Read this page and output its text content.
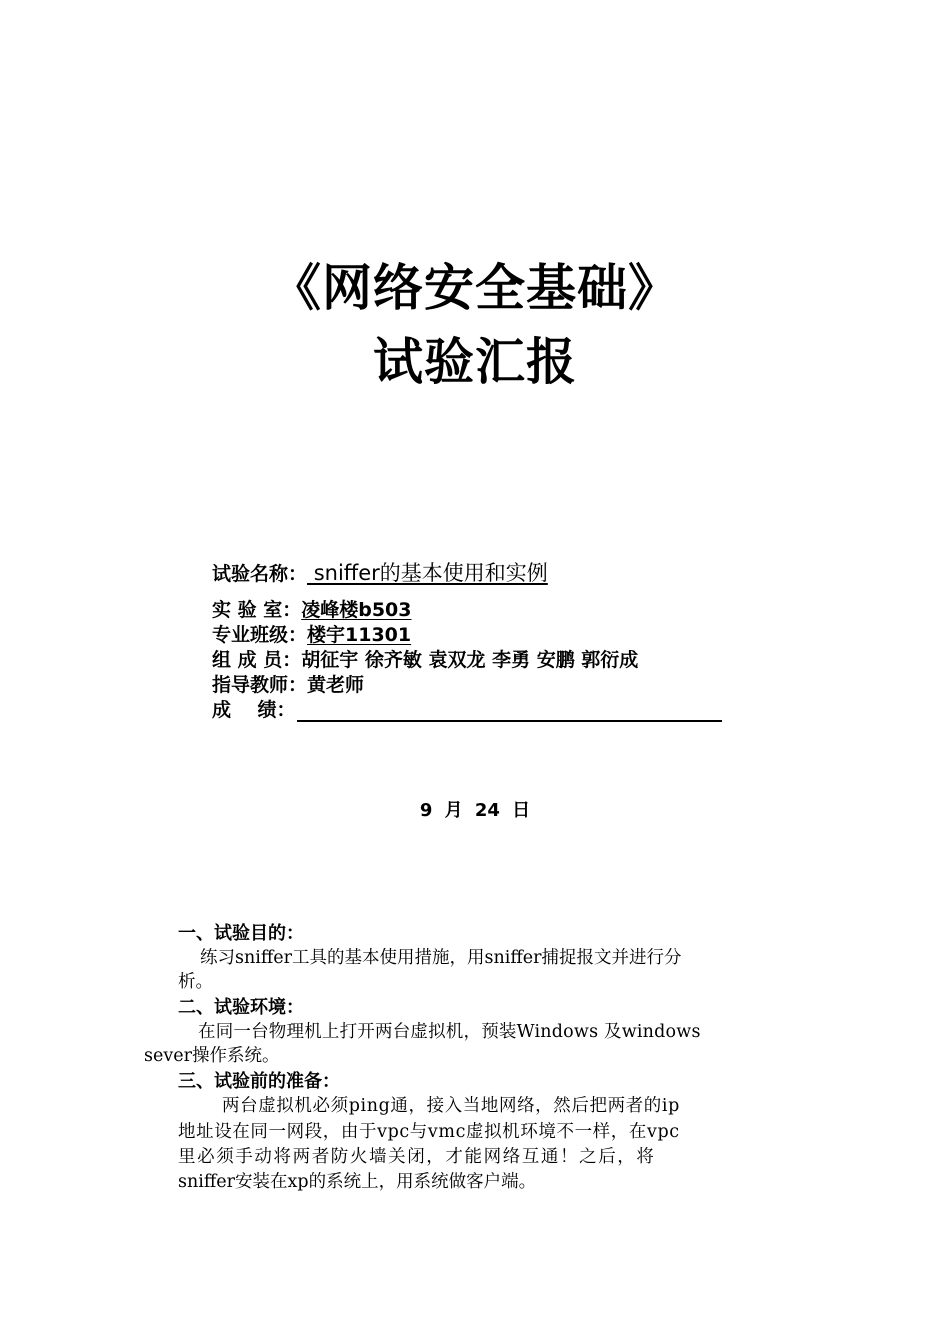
《网络安全基础》
试验汇报
试验名称： sniffer的基本使用和实例
实 验 室：凌峰楼b503
专业班级：楼宇11301
组 成 员：胡征宇 徐齐敏 袁双龙 李勇 安鹏 郭衍成
指导教师：黄老师
成    绩：
9 月 24 日
一、试验目的：
练习sniffer工具的基本使用措施，用sniffer捕捉报文并进行分
析。
二、试验环境：
在同一台物理机上打开两台虚拟机，预装Windows 及windows
sever操作系统。
三、试验前的准备：
两台虚拟机必须ping通，接入当地网络，然后把两者的ip
地址设在同一网段，由于vpc与vmc虚拟机环境不一样，在vpc
里必须手动将两者防火墙关闭，才能网络互通！之后，将
sniffer安装在xp的系统上，用系统做客户端。
